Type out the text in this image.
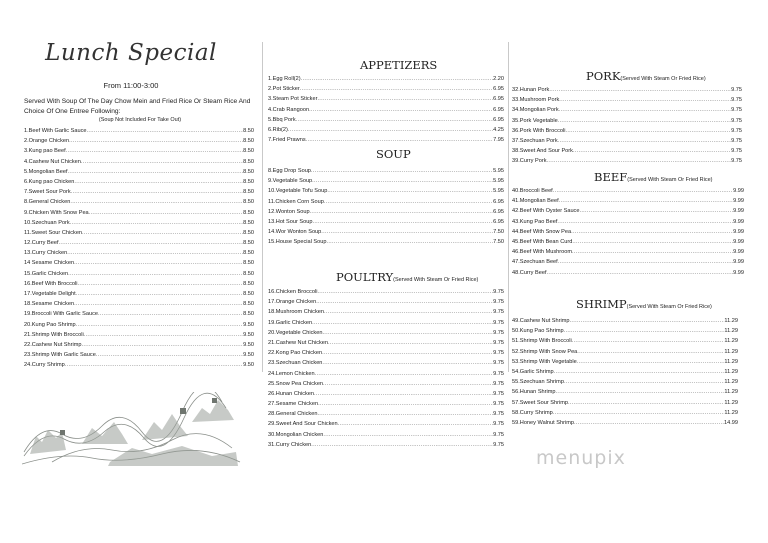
Lunch Special
From 11:00-3:00
Served With Soup Of The Day Chow Mein and Fried Rice Or Steam Rice And Choice Of One Entree Following:
(Soup Not Included For Take Out)
1.Beef With Garlic Sauce .....	8.50
2.Orange Chicken .....	8.50
3.Kung pao Beef .....	8.50
4.Cashew Nut Chicken .....	8.50
5.Mongolian Beef .....	8.50
6.Kung pao Chicken .....	8.50
7.Sweet Sour Pork .....	8.50
8.General Chicken .....	8.50
9.Chicken With Snow Pea .....	8.50
10.Szechuan Pork .....	8.50
11.Sweet Sour Chicken .....	8.50
12.Curry Beef .....	8.50
13.Curry Chicken .....	8.50
14 Sesame Chicken .....	8.50
15.Garlic Chicken .....	8.50
16.Beef With Broccoli .....	8.50
17.Vegetable Delight .....	8.50
18.Sesame Chicken .....	8.50
19.Broccoli With Garlic Sauce .....	8.50
20.Kung Pao Shrimp .....	9.50
21.Shrimp With Broccoli .....	9.50
22.Cashew Nut Shrimp .....	9.50
23.Shrimp With Garlic Sauce .....	9.50
24.Curry Shrimp .....	9.50
APPETIZERS
1.Egg Roll(2) .....	2.20
2.Pot Sticker .....	6.95
3.Steam Pot Sticker .....	6.95
4.Crab Rangoon .....	6.95
5.Bbq Pork .....	6.95
6.Rib(2) .....	4.25
7.Fried Prawns .....	7.95
SOUP
8.Egg Drop Soup .....	5.95
9.Vegetable Soup .....	5.95
10.Vegetable Tofu Soup .....	5.95
11.Chicken Corn Soup .....	6.95
12.Wonton Soup .....	6.95
13.Hot Sour Soup .....	6.95
14.Wor Wonton Soup .....	7.50
15.House Special Soup .....	7.50
POULTRY(Served With Steam Or Fried Rice)
16.Chicken Broccoli .....	9.75
17.Orange Chicken .....	9.75
18.Mushroom Chicken .....	9.75
19.Garlic Chicken .....	9.75
20.Vegetable Chicken .....	9.75
21.Cashew Nut Chicken .....	9.75
22.Kong Pao Chicken .....	9.75
23.Szechuan Chicken .....	9.75
24.Lemon Chicken .....	9.75
25.Snow Pea Chicken .....	9.75
26.Hunan Chicken .....	9.75
27.Sesame Chicken .....	9.75
28.General Chicken .....	9.75
29.Sweet And Sour Chicken .....	9.75
30.Mongolian Chicken .....	9.75
31.Curry Chicken .....	9.75
PORK(Served With Steam Or Fried Rice)
32.Hunan Pork .....	9.75
33.Mushroom Pork .....	9.75
34.Mongolian Pork .....	9.75
35.Pork Vegetable .....	9.75
36.Pork With Broccoli .....	9.75
37.Szechuan Pork .....	9.75
38.Sweet And Sour Pork .....	9.75
39.Curry Pork .....	9.75
BEEF(Served With Steam Or Fried Rice)
40.Broccoli Beef .....	9.99
41.Mongolian Beef .....	9.99
42.Beef With Oyster Sauce .....	9.99
43.Kung Pao Beef .....	9.99
44.Beef With Snow Pea .....	9.99
45.Beef With Bean Curd .....	9.99
46.Beef With Mushroom .....	9.99
47.Szechuan Beef .....	9.99
48.Curry Beef .....	9.99
SHRIMP(Served With Steam Or Fried Rice)
49.Cashew Nut Shrimp .....	11.29
50.Kung Pao Shrimp .....	11.29
51.Shrimp With Broccoli .....	11.29
52.Shrimp With Snow Pea .....	11.29
53.Shrimp With Vegetable .....	11.29
54.Garlic Shrimp .....	11.29
55.Szechuan Shrimp .....	11.29
56.Hunan Shrimp .....	11.29
57.Sweet Sour Shrimp .....	11.29
58.Curry Shrimp .....	11.29
59.Honey Walnut Shrimp .....	14.99
menupix
